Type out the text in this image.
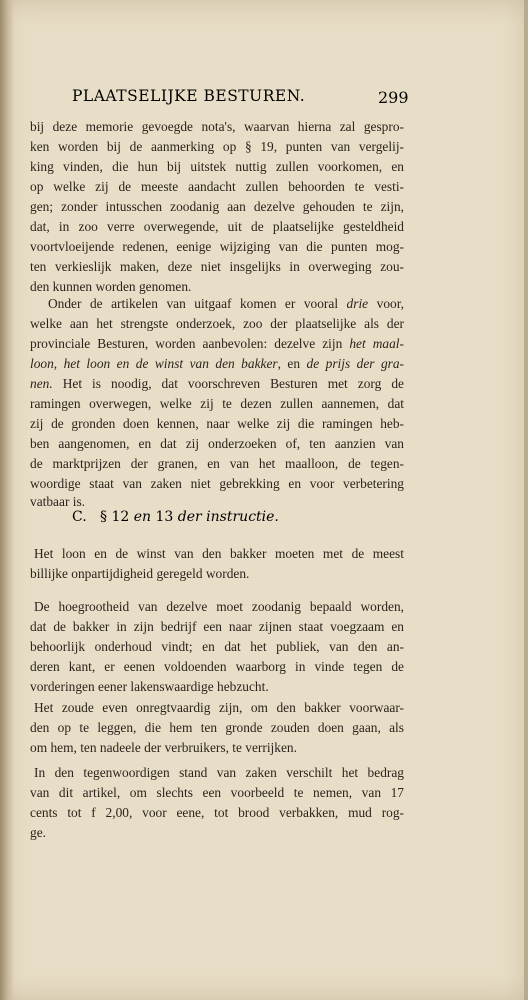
PLAATSELIJKE BESTUREN.	299
bij deze memorie gevoegde nota's, waarvan hierna zal gespro-
ken worden bij de aanmerking op § 19, punten van vergelij-
king vinden, die hun bij uitstek nuttig zullen voorkomen, en
op welke zij de meeste aandacht zullen behoorden te vesti-
gen; zonder intusschen zoodanig aan dezelve gehouden te zijn,
dat, in zoo verre overwegende, uit de plaatselijke gesteldheid
voortvloeijende redenen, eenige wijziging van die punten mog-
ten verkieslijk maken, deze niet insgelijks in overweging zou-
den kunnen worden genomen.
Onder de artikelen van uitgaaf komen er vooral drie voor,
welke aan het strengste onderzoek, zoo der plaatselijke als der
provinciale Besturen, worden aanbevolen: dezelve zijn het maal-
loon, het loon en de winst van den bakker, en de prijs der gra-
nen. Het is noodig, dat voorschreven Besturen met zorg de
ramingen overwegen, welke zij te dezen zullen aannemen, dat
zij de gronden doen kennen, naar welke zij die ramingen heb-
ben aangenomen, en dat zij onderzoeken of, ten aanzien van
de marktprijzen der granen, en van het maalloon, de tegen-
woordige staat van zaken niet gebrekking en voor verbetering
vatbaar is.
C. § 12 en 13 der instructie.
Het loon en de winst van den bakker moeten met de meest
billijke onpartijdigheid geregeld worden.
De hoegrootheid van dezelve moet zoodanig bepaald worden,
dat de bakker in zijn bedrijf een naar zijnen staat voegzaam en
behoorlijk onderhoud vindt; en dat het publiek, van den an-
deren kant, er eenen voldoenden waarborg in vinde tegen de
vorderingen eener lakenswaardige hebzucht.
Het zoude even onregtvaardig zijn, om den bakker voorwaar-
den op te leggen, die hem ten gronde zouden doen gaan, als
om hem, ten nadeele der verbruikers, te verrijken.
In den tegenwoordigen stand van zaken verschilt het bedrag
van dit artikel, om slechts een voorbeeld te nemen, van 17
cents tot f 2,00, voor eene, tot brood verbakken, mud rog-
ge.
